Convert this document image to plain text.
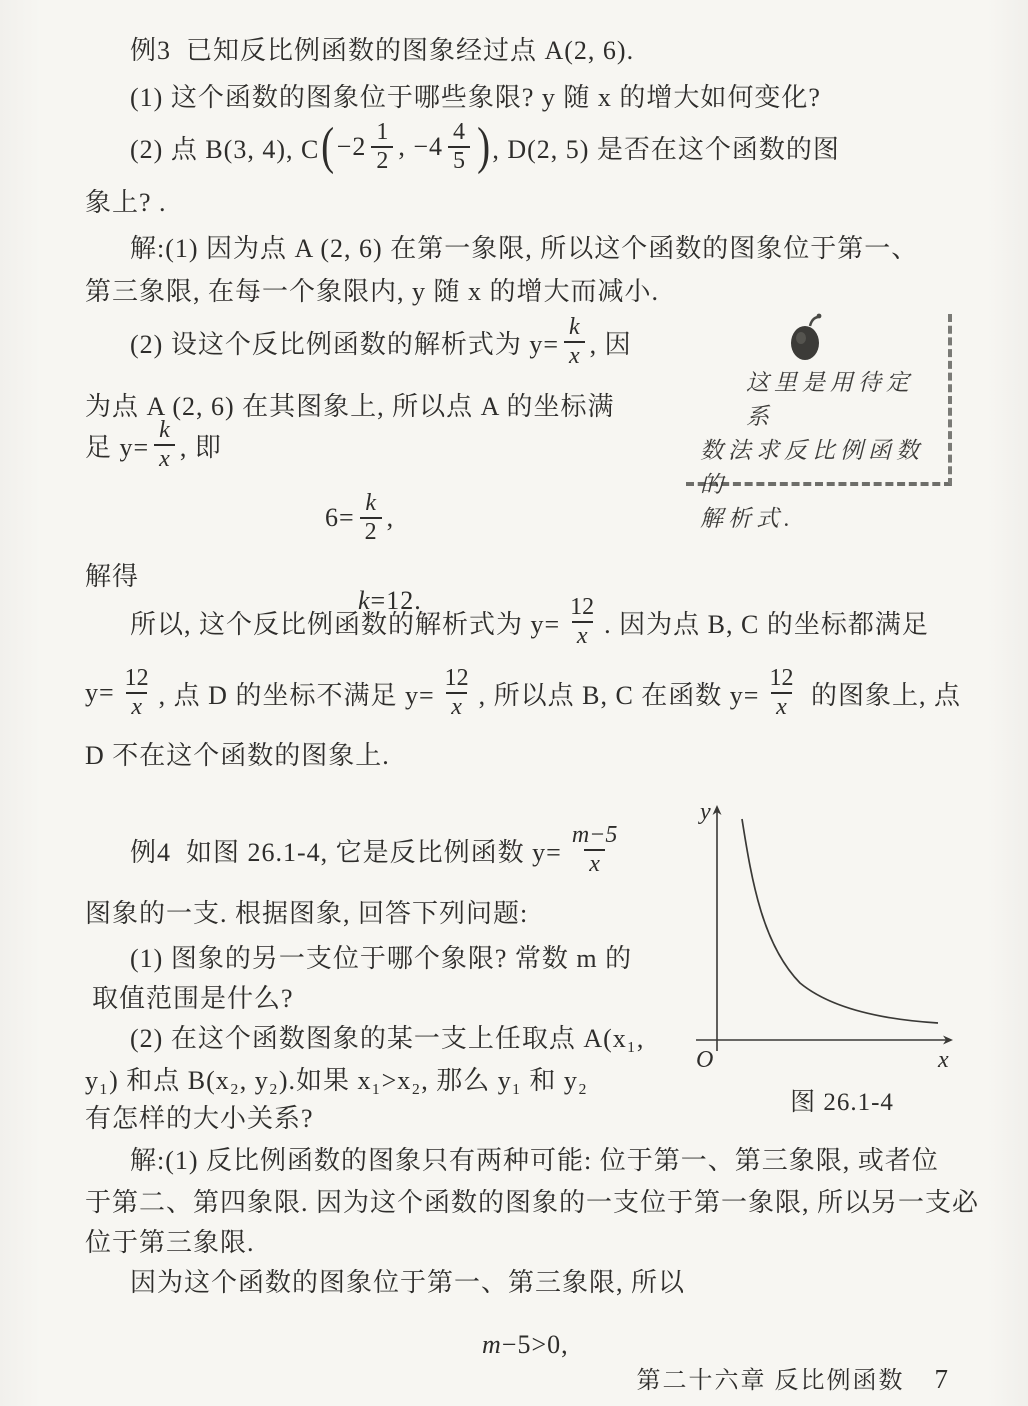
例3  已知反比例函数的图象经过点 A(2, 6).
(1) 这个函数的图象位于哪些象限? y 随 x 的增大如何变化?
(2) 点 B(3, 4), C ( $-2 \frac{1}{2}$ , $-4 \frac{4}{5}$ ) , D(2, 5) 是否在这个函数的图
象上? .
解:(1) 因为点 A (2, 6) 在第一象限, 所以这个函数的图象位于第一、
第三象限, 在每一个象限内, y 随 x 的增大而减小.
(2) 设这个反比例函数的解析式为 $y= \frac{k}{x}$ , 因
为点 A (2, 6) 在其图象上, 所以点 A 的坐标满
足 $y= \frac{k}{x}$ , 即
$6= \frac{k}{2}$ ,
解得

k=12.

所以, 这个反比例函数的解析式为 $y= \frac{12}{x}$ . 因为点 B, C 的坐标都满足
$y= \frac{12}{x}$ , 点 D 的坐标不满足 $y= \frac{12}{x}$ , 所以点 B, C 在函数 $y= \frac{12}{x}$ 的图象上, 点
D 不在这个函数的图象上.
这里是用待定系
数法求反比例函数的
解析式.
例4  如图 26.1-4, 它是反比例函数 $y= \frac{m-5}{x}$
图象的一支. 根据图象, 回答下列问题:
(1) 图象的另一支位于哪个象限? 常数 m 的
取值范围是什么?
(2) 在这个函数图象的某一支上任取点 A(x₁,
y₁) 和点 B(x₂, y₂).如果 x₁>x₂, 那么 y₁ 和 y₂
有怎样的大小关系?
y
x
O
图 26.1-4
解:(1) 反比例函数的图象只有两种可能: 位于第一、第三象限, 或者位
于第二、第四象限. 因为这个函数的图象的一支位于第一象限, 所以另一支必
位于第三象限.
因为这个函数的图象位于第一、第三象限, 所以

m−5>0,

第二十六章 反比例函数 7
